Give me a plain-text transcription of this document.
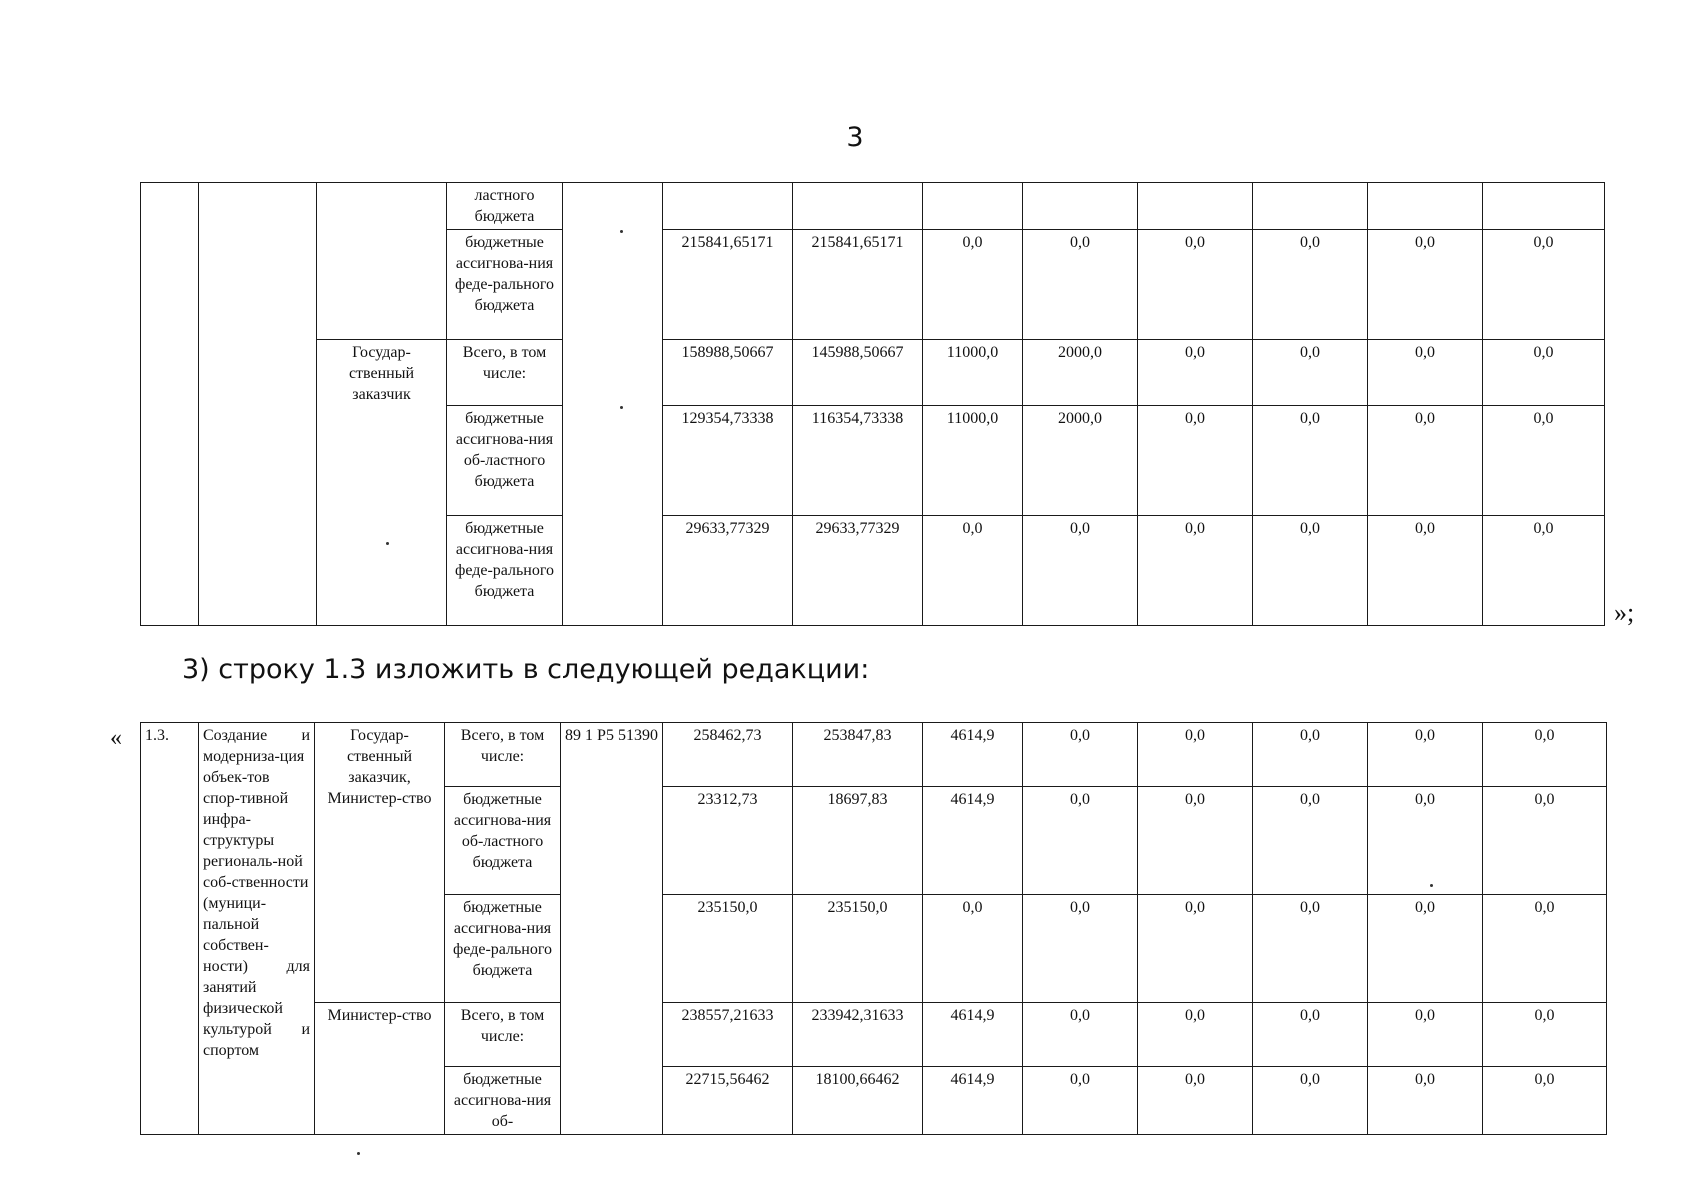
3
			ластного бюджета									
			бюджетные ассигнова-ния феде-рального бюджета		215841,65171	215841,65171	0,0	0,0	0,0	0,0	0,0	0,0
		Государ-ственный заказчик	Всего, в том числе:		158988,50667	145988,50667	11000,0	2000,0	0,0	0,0	0,0	0,0
			бюджетные ассигнова-ния об-ластного бюджета		129354,73338	116354,73338	11000,0	2000,0	0,0	0,0	0,0	0,0
			бюджетные ассигнова-ния феде-рального бюджета		29633,77329	29633,77329	0,0	0,0	0,0	0,0	0,0	0,0
»;
3) строку 1.3 изложить в следующей редакции:
« 1.3.	Создание и модерниза-ция объек-тов спор-тивной инфра-структуры региональ-ной соб-ственности (муници-пальной собствен-ности) для занятий физической культурой и спортом	Государ-ственный заказчик, Министер-ство	Всего, в том числе:	89 1 P5 51390	258462,73	253847,83	4614,9	0,0	0,0	0,0	0,0	0,0
			бюджетные ассигнова-ния об-ластного бюджета		23312,73	18697,83	4614,9	0,0	0,0	0,0	0,0	0,0
			бюджетные ассигнова-ния феде-рального бюджета		235150,0	235150,0	0,0	0,0	0,0	0,0	0,0	0,0
		Министер-ство	Всего, в том числе:		238557,21633	233942,31633	4614,9	0,0	0,0	0,0	0,0	0,0
			бюджетные ассигнова-ния об-		22715,56462	18100,66462	4614,9	0,0	0,0	0,0	0,0	0,0
